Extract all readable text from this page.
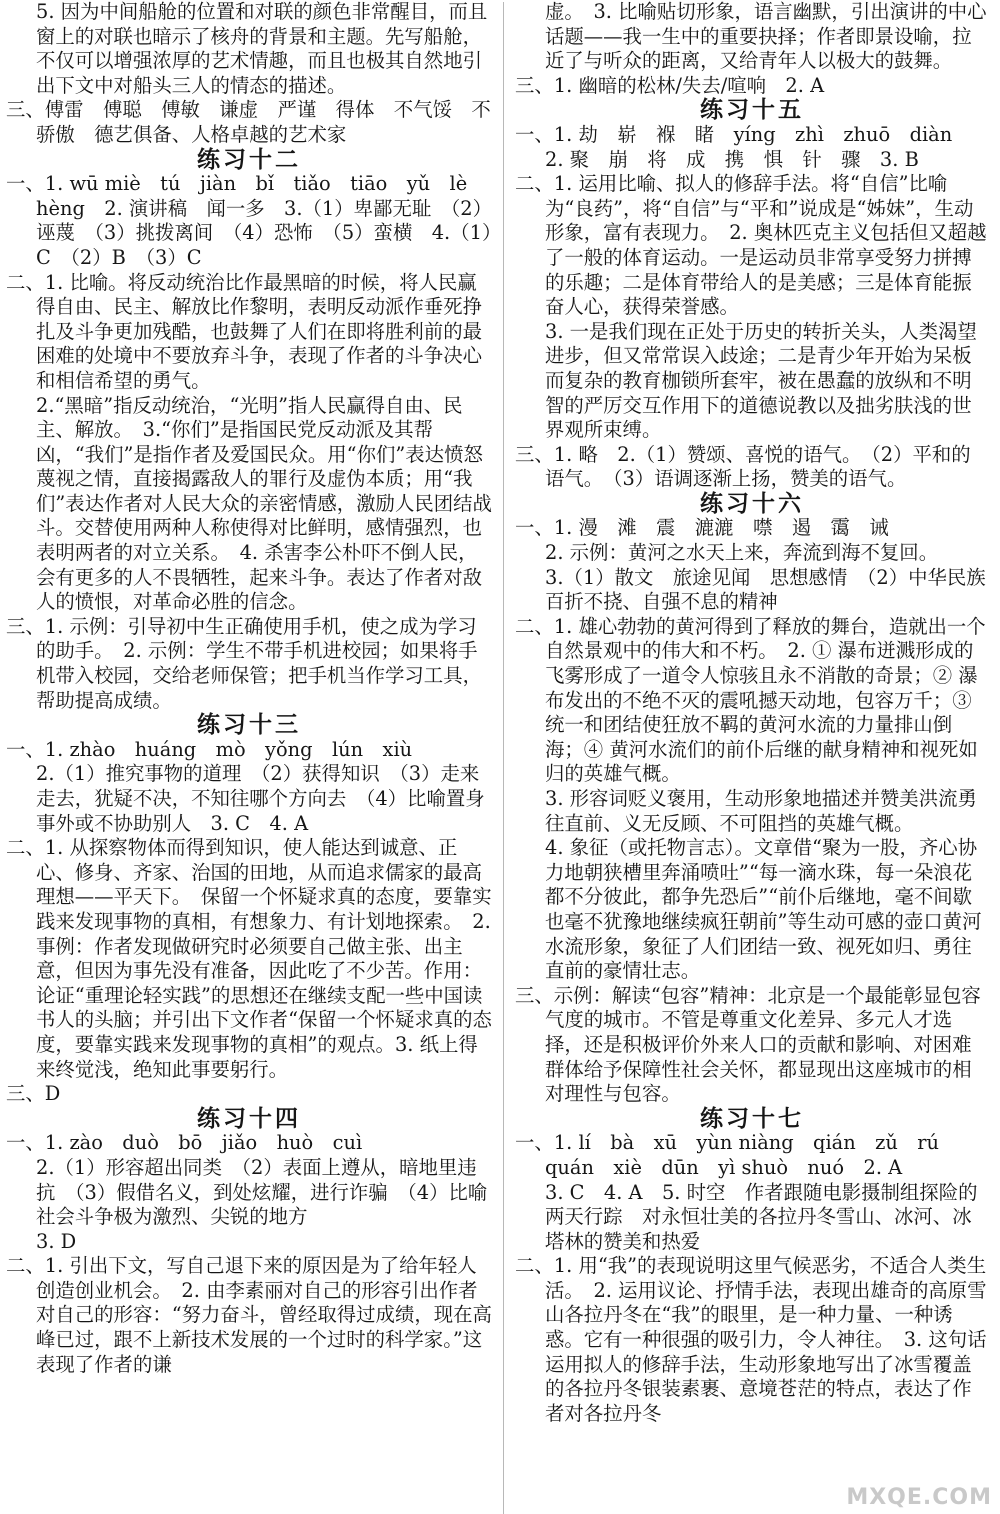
5. 因为中间船舱的位置和对联的颜色非常醒目，而且窗上的对联也暗示了核舟的背景和主题。先写船舱，不仅可以增强浓厚的艺术情趣，而且也极其自然地引出下文中对船头三人的情态的描述。

三、傅雷　傅聪　傅敏　谦虚　严谨　得体　不气馁　不骄傲　德艺俱备、人格卓越的艺术家

练习十二

一、1. wū miè　tú　jiàn　bǐ　tiǎo　tiāo　yǔ　lè　hèng　2. 演讲稿　闻一多　3.（1）卑鄙无耻　（2）诬蔑　（3）挑拨离间　（4）恐怖　（5）蛮横　4.（1）C　（2）B　（3）C

二、1. 比喻。将反动统治比作最黑暗的时候，将人民赢得自由、民主、解放比作黎明，表明反动派作垂死挣扎及斗争更加残酷，也鼓舞了人们在即将胜利前的最困难的处境中不要放弃斗争，表现了作者的斗争决心和相信希望的勇气。

2.“黑暗”指反动统治，“光明”指人民赢得自由、民主、解放。　3.“你们”是指国民党反动派及其帮凶，“我们”是指作者及爱国民众。用“你们”表达愤怒蔑视之情，直接揭露敌人的罪行及虚伪本质；用“我们”表达作者对人民大众的亲密情感，激励人民团结战斗。交替使用两种人称使得对比鲜明，感情强烈，也表明两者的对立关系。　4. 杀害李公朴吓不倒人民，会有更多的人不畏牺牲，起来斗争。表达了作者对敌人的愤恨，对革命必胜的信念。

三、1. 示例：引导初中生正确使用手机，使之成为学习的助手。　2. 示例：学生不带手机进校园；如果将手机带入校园，交给老师保管；把手机当作学习工具，帮助提高成绩。

练习十三

一、1. zhào　huáng　mò　yǒng　lún　xiù

2.（1）推究事物的道理　（2）获得知识　（3）走来走去，犹疑不决，不知往哪个方向去　（4）比喻置身事外或不协助别人　3. C　4. A

二、1. 从探察物体而得到知识，使人能达到诚意、正心、修身、齐家、治国的田地，从而追求儒家的最高理想——平天下。　保留一个怀疑求真的态度，要靠实践来发现事物的真相，有想象力、有计划地探索。　2. 事例：作者发现做研究时必须要自己做主张、出主意，但因为事先没有准备，因此吃了不少苦。作用：论证“重理论轻实践”的思想还在继续支配一些中国读书人的头脑；并引出下文作者“保留一个怀疑求真的态度，要靠实践来发现事物的真相”的观点。3. 纸上得来终觉浅，绝知此事要躬行。

三、D

练习十四

一、1. zào　duò　bō　jiǎo　huò　cuì

2.（1）形容超出同类　（2）表面上遵从，暗地里违抗　（3）假借名义，到处炫耀，进行诈骗　（4）比喻社会斗争极为激烈、尖锐的地方

3. D

二、1. 引出下文，写自己退下来的原因是为了给年轻人创造创业机会。　2. 由李素丽对自己的形容引出作者对自己的形容：“努力奋斗，曾经取得过成绩，现在高峰已过，跟不上新技术发展的一个过时的科学家。”这表现了作者的谦

虚。　3. 比喻贴切形象，语言幽默，引出演讲的中心话题——我一生中的重要抉择；作者即景设喻，拉近了与听众的距离，又给青年人以极大的鼓舞。

三、1. 幽暗的松林/失去/喧响　2. A

练习十五

一、1. 劫　崭　褓　睹　yíng　zhì　zhuō　diàn

2. 聚　崩　将　成　携　惧　针　骤　3. B

二、1. 运用比喻、拟人的修辞手法。将“自信”比喻为“良药”，将“自信”与“平和”说成是“姊妹”，生动形象，富有表现力。　2. 奥林匹克主义包括但又超越了一般的体育运动。一是运动员非常享受努力拼搏的乐趣；二是体育带给人的是美感；三是体育能振奋人心，获得荣誉感。

3. 一是我们现在正处于历史的转折关头，人类渴望进步，但又常常误入歧途；二是青少年开始为呆板而复杂的教育枷锁所套牢，被在愚蠢的放纵和不明智的严厉交互作用下的道德说教以及拙劣肤浅的世界观所束缚。

三、1. 略　2.（1）赞颂、喜悦的语气。　（2）平和的语气。　（3）语调逐渐上扬，赞美的语气。

练习十六

一、1. 漫　滩　震　漉漉　噤　遏　霭　诫

2. 示例：黄河之水天上来，奔流到海不复回。

3.（1）散文　旅途见闻　思想感情　（2）中华民族百折不挠、自强不息的精神

二、1. 雄心勃勃的黄河得到了释放的舞台，造就出一个自然景观中的伟大和不朽。　2. ① 瀑布迸溅形成的飞雾形成了一道令人惊骇且永不消散的奇景；② 瀑布发出的不绝不灭的震吼撼天动地，包容万千；③ 统一和团结使狂放不羁的黄河水流的力量排山倒海；④ 黄河水流们的前仆后继的献身精神和视死如归的英雄气概。

3. 形容词贬义褒用，生动形象地描述并赞美洪流勇往直前、义无反顾、不可阻挡的英雄气概。

4. 象征（或托物言志）。文章借“聚为一股，齐心协力地朝狭槽里奔涌喷吐”“每一滴水珠，每一朵浪花都不分彼此，都争先恐后”“前仆后继地，毫不间歇也毫不犹豫地继续疯狂朝前”等生动可感的壶口黄河水流形象，象征了人们团结一致、视死如归、勇往直前的豪情壮志。

三、示例：解读“包容”精神：北京是一个最能彰显包容气度的城市。不管是尊重文化差异、多元人才选择，还是积极评价外来人口的贡献和影响、对困难群体给予保障性社会关怀，都显现出这座城市的相对理性与包容。

练习十七

一、1. lí　bà　xū　yùn niàng　qián　zǔ　rú　quán　xiè　dūn　yì shuò　nuó　2. A

3. C　4. A　5. 时空　作者跟随电影摄制组探险的两天行踪　对永恒壮美的各拉丹冬雪山、冰河、冰塔林的赞美和热爱

二、1. 用“我”的表现说明这里气候恶劣，不适合人类生活。　2. 运用议论、抒情手法，表现出雄奇的高原雪山各拉丹冬在“我”的眼里，是一种力量、一种诱惑。它有一种很强的吸引力，令人神往。　3. 这句话运用拟人的修辞手法，生动形象地写出了冰雪覆盖的各拉丹冬银装素裹、意境苍茫的特点，表达了作者对各拉丹冬

MXQE.COM
